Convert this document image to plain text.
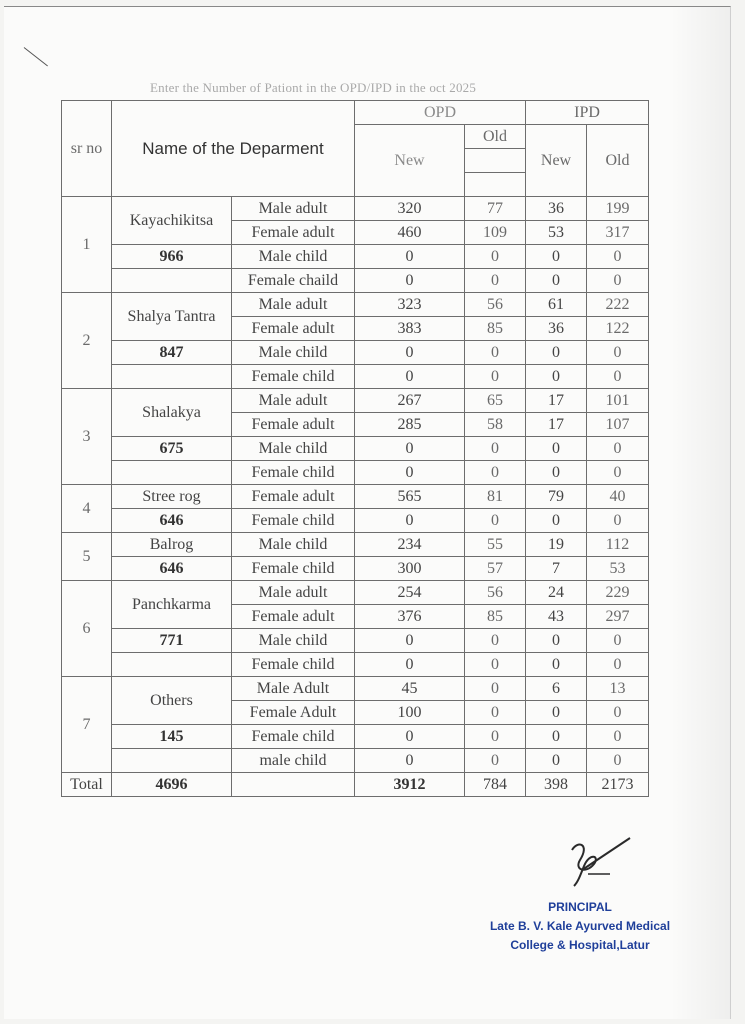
Enter the Number of Pationt in the OPD/IPD in the oct 2025
sr no	Name of the Deparment		OPD		IPD	
			New	Old	New	Old

1	Kayachikitsa	Male adult	320	77	36	199
		Female adult	460	109	53	317
	966	Male child	0	0	0	0
		Female chaild	0	0	0	0
2	Shalya Tantra	Male adult	323	56	61	222
		Female adult	383	85	36	122
	847	Male child	0	0	0	0
		Female child	0	0	0	0
3	Shalakya	Male adult	267	65	17	101
		Female adult	285	58	17	107
	675	Male child	0	0	0	0
		Female child	0	0	0	0
4	Stree rog	Female adult	565	81	79	40
	646	Female child	0	0	0	0
5	Balrog	Male child	234	55	19	112
	646	Female child	300	57	7	53
6	Panchkarma	Male adult	254	56	24	229
		Female adult	376	85	43	297
	771	Male child	0	0	0	0
		Female child	0	0	0	0
7	Others	Male Adult	45	0	6	13
		Female Adult	100	0	0	0
	145	Female child	0	0	0	0
		male child	0	0	0	0
Total	4696		3912	784	398	2173
PRINCIPAL
Late B. V. Kale Ayurved Medical
College & Hospital,Latur
